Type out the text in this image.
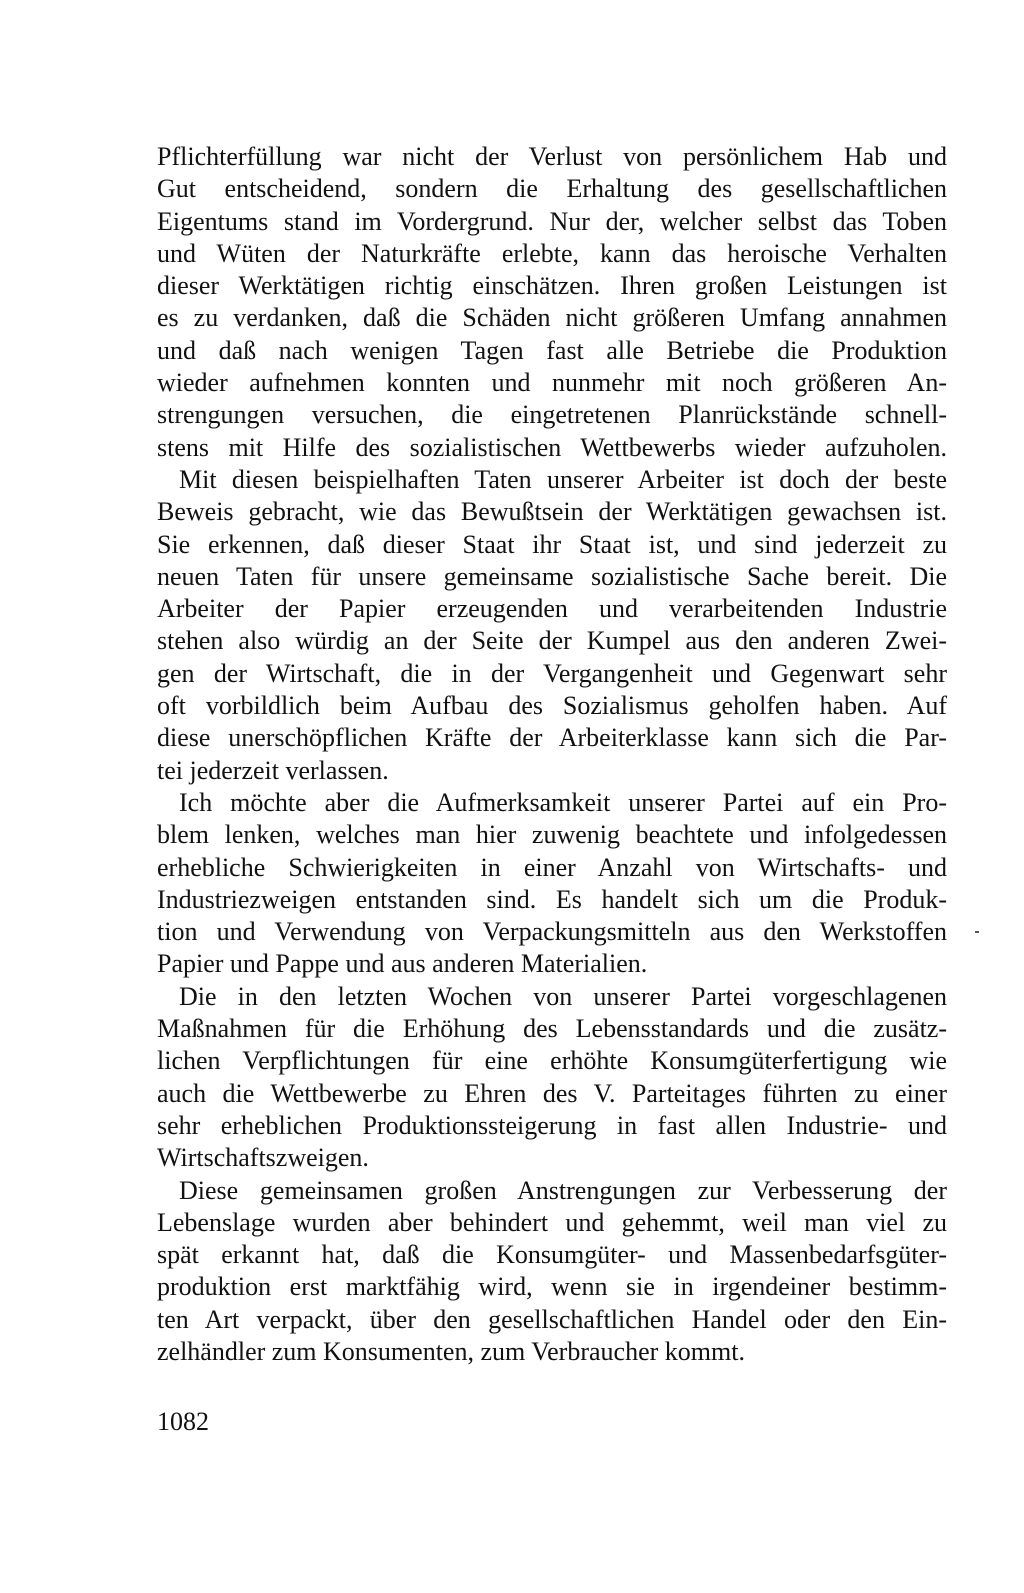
Pflichterfüllung war nicht der Verlust von persönlichem Hab und
Gut entscheidend, sondern die Erhaltung des gesellschaftlichen
Eigentums stand im Vordergrund. Nur der, welcher selbst das Toben
und Wüten der Naturkräfte erlebte, kann das heroische Verhalten
dieser Werktätigen richtig einschätzen. Ihren großen Leistungen ist
es zu verdanken, daß die Schäden nicht größeren Umfang annahmen
und daß nach wenigen Tagen fast alle Betriebe die Produktion
wieder aufnehmen konnten und nunmehr mit noch größeren An-
strengungen versuchen, die eingetretenen Planrückstände schnell-
stens mit Hilfe des sozialistischen Wettbewerbs wieder aufzuholen.
Mit diesen beispielhaften Taten unserer Arbeiter ist doch der beste
Beweis gebracht, wie das Bewußtsein der Werktätigen gewachsen ist.
Sie erkennen, daß dieser Staat ihr Staat ist, und sind jederzeit zu
neuen Taten für unsere gemeinsame sozialistische Sache bereit. Die
Arbeiter der Papier erzeugenden und verarbeitenden Industrie
stehen also würdig an der Seite der Kumpel aus den anderen Zwei-
gen der Wirtschaft, die in der Vergangenheit und Gegenwart sehr
oft vorbildlich beim Aufbau des Sozialismus geholfen haben. Auf
diese unerschöpflichen Kräfte der Arbeiterklasse kann sich die Par-
tei jederzeit verlassen.
Ich möchte aber die Aufmerksamkeit unserer Partei auf ein Pro-
blem lenken, welches man hier zuwenig beachtete und infolgedessen
erhebliche Schwierigkeiten in einer Anzahl von Wirtschafts- und
Industriezweigen entstanden sind. Es handelt sich um die Produk-
tion und Verwendung von Verpackungsmitteln aus den Werkstoffen
Papier und Pappe und aus anderen Materialien.
Die in den letzten Wochen von unserer Partei vorgeschlagenen
Maßnahmen für die Erhöhung des Lebensstandards und die zusätz-
lichen Verpflichtungen für eine erhöhte Konsumgüterfertigung wie
auch die Wettbewerbe zu Ehren des V. Parteitages führten zu einer
sehr erheblichen Produktionssteigerung in fast allen Industrie- und
Wirtschaftszweigen.
Diese gemeinsamen großen Anstrengungen zur Verbesserung der
Lebenslage wurden aber behindert und gehemmt, weil man viel zu
spät erkannt hat, daß die Konsumgüter- und Massenbedarfsgüter-
produktion erst marktfähig wird, wenn sie in irgendeiner bestimm-
ten Art verpackt, über den gesellschaftlichen Handel oder den Ein-
zelhändler zum Konsumenten, zum Verbraucher kommt.
1082
